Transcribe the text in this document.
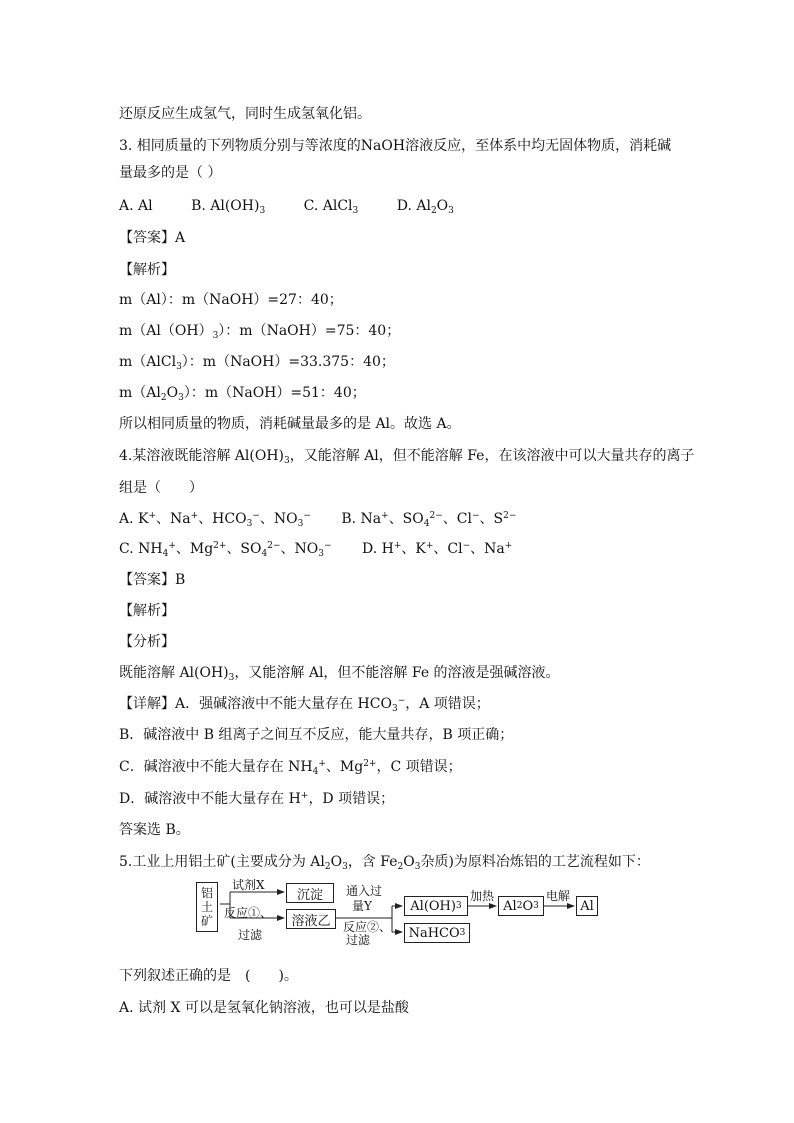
还原反应生成氢气，同时生成氢氧化铝。
3. 相同质量的下列物质分别与等浓度的NaOH溶液反应，至体系中均无固体物质，消耗碱
量最多的是（ ）
A. Al	B. $Al(OH)_3$	C. AlCl$_3$	D. $Al_2O_3$
【答案】A
【解析】
m（Al）：m（NaOH）=27：40；
$m(Al(OH)_3)$：m（NaOH）=75：40；
m（AlCl$_3$）：m（NaOH）=33.375：40；
$m(Al_2O_3)$：m（NaOH）=51：40；
所以相同质量的物质，消耗碱量最多的是 Al。故选 A。
4.某溶液既能溶解 $Al(OH)_3$，又能溶解 Al，但不能溶解 Fe，在该溶液中可以大量共存的离子
组是（　　）
A. K+、Na+、$HCO_3^-$、$NO_3^-$ B. Na+、$SO_4^{2-}$、Cl−、$S^{2-}$
C. $NH_4^+$、$Mg^{2+}$、$SO_4^{2-}$、$NO_3^-$ D. H+、K+、Cl−、Na+
【答案】B
【解析】
【分析】
既能溶解 $Al(OH)_3$，又能溶解 Al，但不能溶解 Fe 的溶液是强碱溶液。
【详解】A．强碱溶液中不能大量存在 $HCO_3^-$，A 项错误；
B．碱溶液中 B 组离子之间互不反应，能大量共存，B 项正确；
C．碱溶液中不能大量存在 $NH_4^+$、$Mg^{2+}$，C 项错误；
D．碱溶液中不能大量存在 H+，D 项错误；
答案选 B。
5.工业上用铝土矿(主要成分为 $Al_2O_3$，含 $Fe_2O_3$杂质)为原料冶炼铝的工艺流程如下：
铝土矿
试剂X
反应①、
过滤
沉淀
溶液乙
通入过
量Y
反应②、
过滤
Al(OH) 3
NaHCO 3
加热
Al 2 O 3
电解
Al
下列叙述正确的是　(　　)。
A. 试剂 X 可以是氢氧化钠溶液，也可以是盐酸
